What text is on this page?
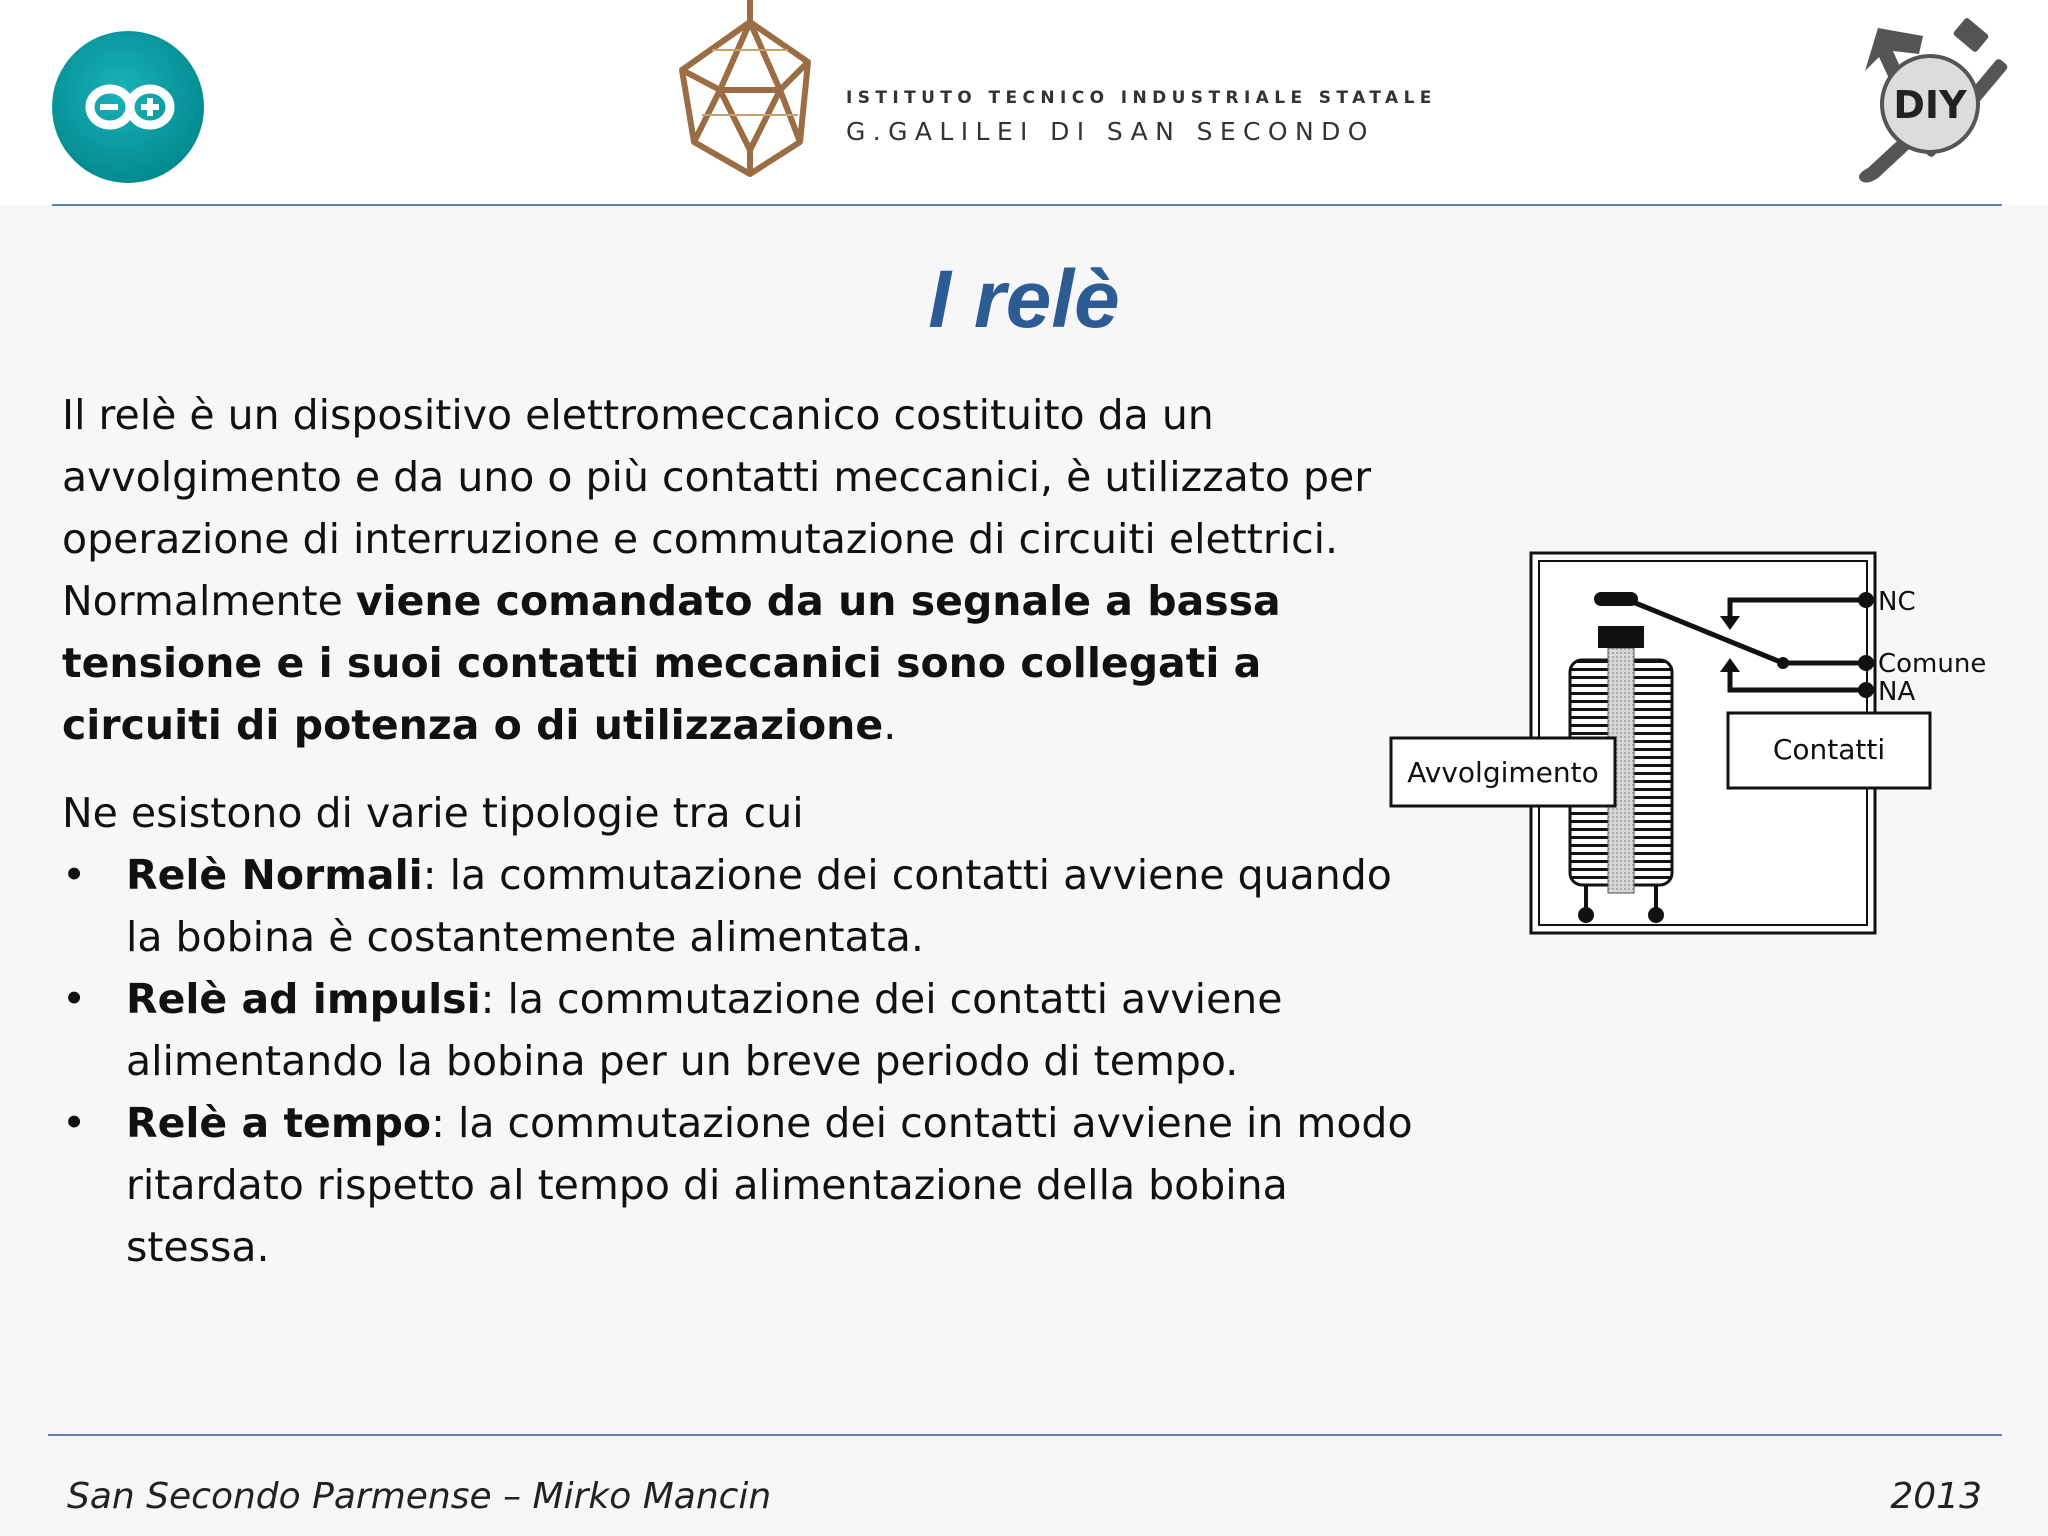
ISTITUTO TECNICO INDUSTRIALE STATALE
G.GALILEI DI SAN SECONDO
DIY
I relè

Il relè è un dispositivo elettromeccanico costituito da un avvolgimento e da uno o più contatti meccanici, è utilizzato per operazione di interruzione e commutazione di circuiti elettrici.
Normalmente viene comandato da un segnale a bassa tensione e i suoi contatti meccanici sono collegati a circuiti di potenza o di utilizzazione.

Ne esistono di varie tipologie tra cui

• Relè Normali: la commutazione dei contatti avviene quando la bobina è costantemente alimentata.
• Relè ad impulsi: la commutazione dei contatti avviene alimentando la bobina per un breve periodo di tempo.
• Relè a tempo: la commutazione dei contatti avviene in modo ritardato rispetto al tempo di alimentazione della bobina stessa.
NC
Comune
NA
Contatti
Avvolgimento
San Secondo Parmense – Mirko Mancin	2013
